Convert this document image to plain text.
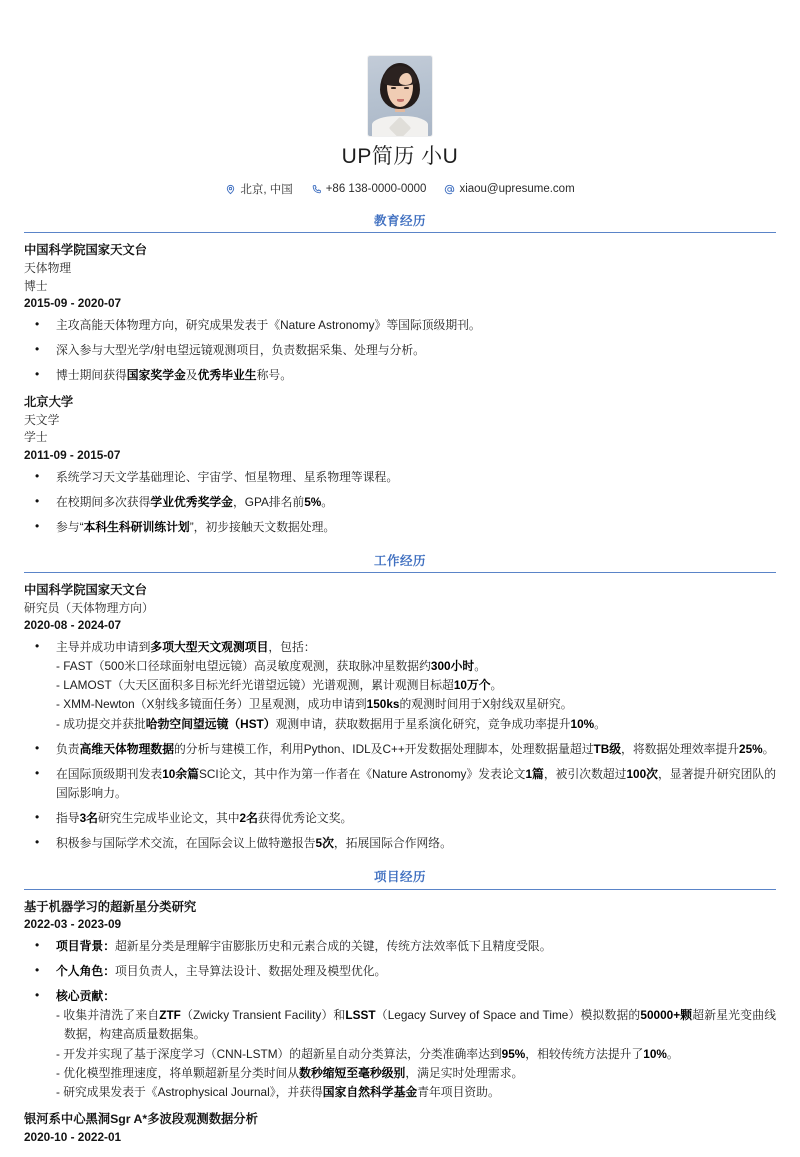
UP简历 小U
北京, 中国	+86 138-0000-0000	xiaou@upresume.com
教育经历
中国科学院国家天文台
天体物理
博士
2015-09 - 2020-07
• 主攻高能天体物理方向，研究成果发表于《Nature Astronomy》等国际顶级期刊。
• 深入参与大型光学/射电望远镜观测项目，负责数据采集、处理与分析。
• 博士期间获得国家奖学金及优秀毕业生称号。
北京大学
天文学
学士
2011-09 - 2015-07
• 系统学习天文学基础理论、宇宙学、恒星物理、星系物理等课程。
• 在校期间多次获得学业优秀奖学金，GPA排名前5%。
• 参与“本科生科研训练计划”，初步接触天文数据处理。
工作经历
中国科学院国家天文台
研究员（天体物理方向）
2020-08 - 2024-07
• 主导并成功申请到多项大型天文观测项目，包括：
- FAST（500米口径球面射电望远镜）高灵敏度观测，获取脉冲星数据约300小时。
- LAMOST（大天区面积多目标光纤光谱望远镜）光谱观测，累计观测目标超10万个。
- XMM-Newton（X射线多镜面任务）卫星观测，成功申请到150ks的观测时间用于X射线双星研究。
- 成功提交并获批哈勃空间望远镜（HST）观测申请，获取数据用于星系演化研究，竞争成功率提升10%。
• 负责高维天体物理数据的分析与建模工作，利用Python、IDL及C++开发数据处理脚本，处理数据量超过TB级，将数据处理效率提升25%。
• 在国际顶级期刊发表10余篇SCI论文，其中作为第一作者在《Nature Astronomy》发表论文1篇，被引次数超过100次，显著提升研究团队的国际影响力。
• 指导3名研究生完成毕业论文，其中2名获得优秀论文奖。
• 积极参与国际学术交流，在国际会议上做特邀报告5次，拓展国际合作网络。
项目经历
基于机器学习的超新星分类研究
2022-03 - 2023-09
• 项目背景：超新星分类是理解宇宙膨胀历史和元素合成的关键，传统方法效率低下且精度受限。
• 个人角色：项目负责人，主导算法设计、数据处理及模型优化。
• 核心贡献：
- 收集并清洗了来自ZTF（Zwicky Transient Facility）和LSST（Legacy Survey of Space and Time）模拟数据的50000+颗超新星光变曲线数据，构建高质量数据集。
- 开发并实现了基于深度学习（CNN-LSTM）的超新星自动分类算法，分类准确率达到95%，相较传统方法提升了10%。
- 优化模型推理速度，将单颗超新星分类时间从数秒缩短至毫秒级别，满足实时处理需求。
- 研究成果发表于《Astrophysical Journal》，并获得国家自然科学基金青年项目资助。
银河系中心黑洞Sgr A*多波段观测数据分析
2020-10 - 2022-01
